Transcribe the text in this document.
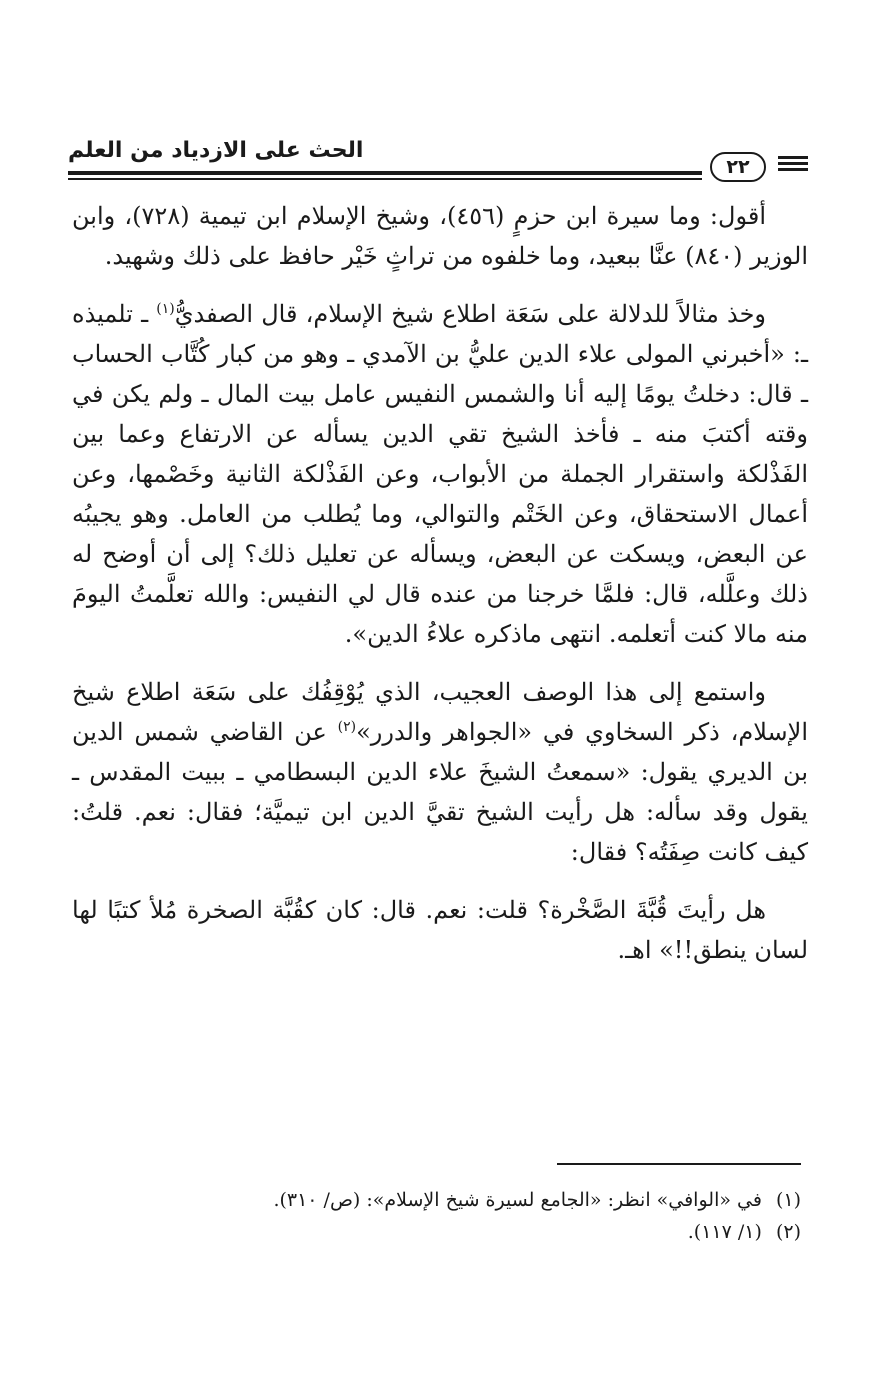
الحث على الازدياد من العلم
٢٢

أقول: وما سيرة ابن حزمٍ (٤٥٦)، وشيخ الإسلام ابن تيمية (٧٢٨)، وابن الوزير (٨٤٠) عنَّا ببعيد، وما خلفوه من تراثٍ خَيْر حافظ على ذلك وشهيد.

وخذ مثالاً للدلالة على سَعَة اطلاع شيخ الإسلام، قال الصفديُّ$^{(١)}$ ـ تلميذه ـ: «أخبرني المولى علاء الدين عليُّ بن الآمدي ـ وهو من كبار كُتَّاب الحساب ـ قال: دخلتُ يومًا إليه أنا والشمس النفيس عامل بيت المال ـ ولم يكن في وقته أكتبَ منه ـ فأخذ الشيخ تقي الدين يسأله عن الارتفاع وعما بين الفَذْلكة واستقرار الجملة من الأبواب، وعن الفَذْلكة الثانية وخَصْمها، وعن أعمال الاستحقاق، وعن الخَتْم والتوالي، وما يُطلب من العامل. وهو يجيبُه عن البعض، ويسكت عن البعض، ويسأله عن تعليل ذلك؟ إلى أن أوضح له ذلك وعلَّله، قال: فلمَّا خرجنا من عنده قال لي النفيس: والله تعلَّمتُ اليومَ منه مالا كنت أتعلمه. انتهى ماذكره علاءُ الدين».

واستمع إلى هذا الوصف العجيب، الذي يُوْقِفُك على سَعَة اطلاع شيخ الإسلام، ذكر السخاوي في «الجواهر والدرر»$^{(٢)}$ عن القاضي شمس الدين بن الديري يقول: «سمعتُ الشيخَ علاء الدين البسطامي ـ ببيت المقدس ـ يقول وقد سأله: هل رأيت الشيخ تقيَّ الدين ابن تيميَّة؛ فقال: نعم. قلتُ: كيف كانت صِفَتُه؟ فقال:

هل رأيتَ قُبَّةَ الصَّخْرة؟ قلت: نعم. قال: كان كقُبَّة الصخرة مُلأ كتبًا لها لسان ينطق!!» اهـ.

(١)
في «الوافي» انظر: «الجامع لسيرة شيخ الإسلام»: (ص/ ٣١٠).
(٢)
(١/ ١١٧).
